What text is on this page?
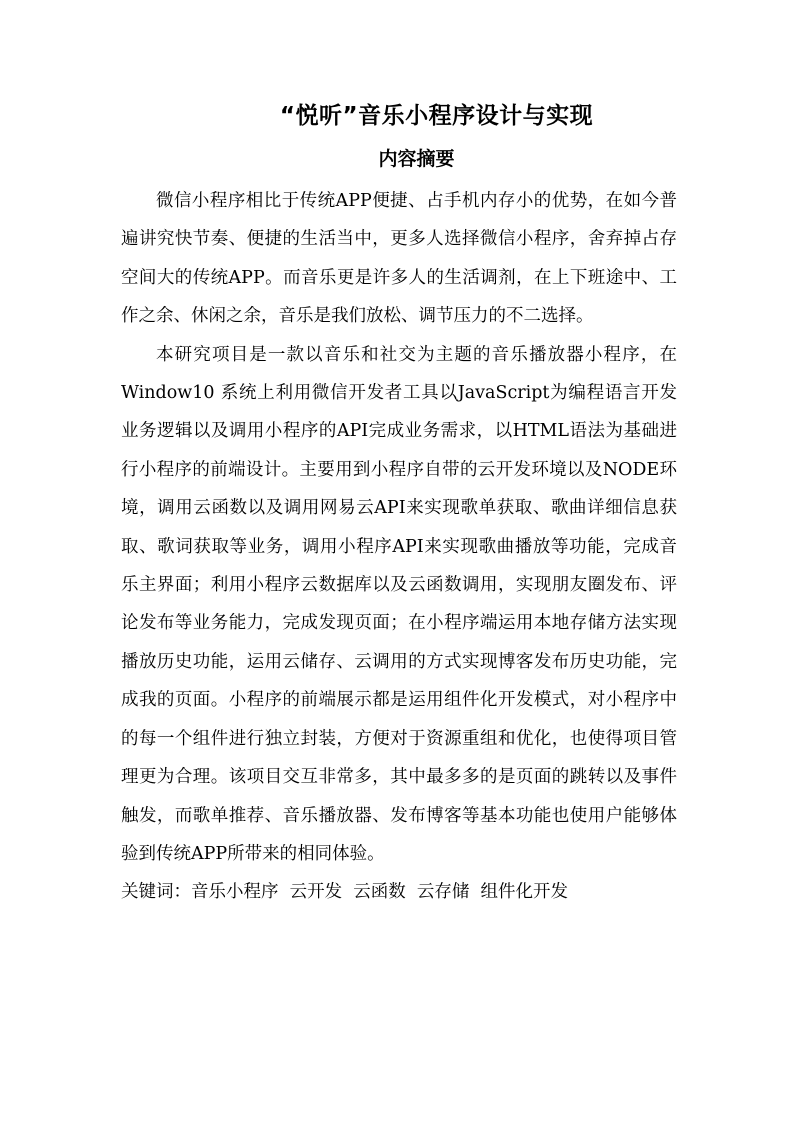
“悦听”音乐小程序设计与实现
内容摘要

微信小程序相比于传统APP便捷、占手机内存小的优势，在如今普遍讲究快节奏、便捷的生活当中，更多人选择微信小程序，舍弃掉占存空间大的传统APP。而音乐更是许多人的生活调剂，在上下班途中、工作之余、休闲之余，音乐是我们放松、调节压力的不二选择。

本研究项目是一款以音乐和社交为主题的音乐播放器小程序，在Window10 系统上利用微信开发者工具以JavaScript为编程语言开发业务逻辑以及调用小程序的API完成业务需求，以HTML语法为基础进行小程序的前端设计。主要用到小程序自带的云开发环境以及NODE环境，调用云函数以及调用网易云API来实现歌单获取、歌曲详细信息获取、歌词获取等业务，调用小程序API来实现歌曲播放等功能，完成音乐主界面；利用小程序云数据库以及云函数调用，实现朋友圈发布、评论发布等业务能力，完成发现页面；在小程序端运用本地存储方法实现播放历史功能，运用云储存、云调用的方式实现博客发布历史功能，完成我的页面。小程序的前端展示都是运用组件化开发模式，对小程序中的每一个组件进行独立封装，方便对于资源重组和优化，也使得项目管理更为合理。该项目交互非常多，其中最多多的是页面的跳转以及事件触发，而歌单推荐、音乐播放器、发布博客等基本功能也使用户能够体验到传统APP所带来的相同体验。

关键词：音乐小程序  云开发  云函数  云存储  组件化开发
